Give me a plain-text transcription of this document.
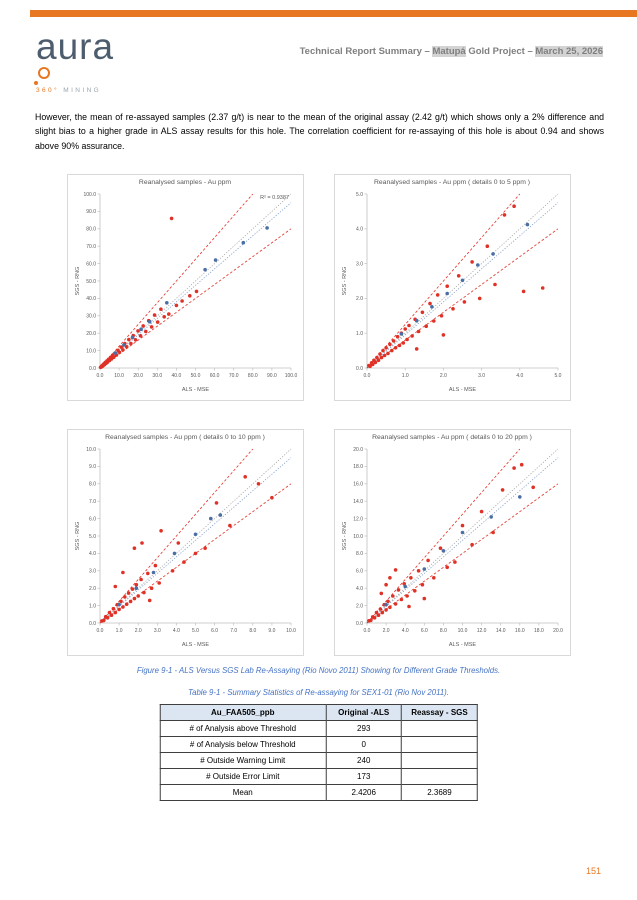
aura
360° MINING
Technical Report Summary – Matupá Gold Project – March 25, 2026
However, the mean of re-assayed samples (2.37 g/t) is near to the mean of the original assay (2.42 g/t) which shows only a 2% difference and slight bias to a higher grade in ALS assay results for this hole. The correlation coefficient for re-assaying of this hole is about 0.94 and shows above 90% assurance.
Reanalysed samples - Au ppm
0.0 10.0 20.0 30.0 40.0 50.0 60.0 70.0 80.0 90.0 100.0
0.0
10.0
20.0
30.0
40.0
50.0
60.0
70.0
80.0
90.0
100.0
R² = 0.9387
ALS - MSE
SGS - RNG
Reanalysed samples - Au ppm ( details 0 to 5 ppm )
0.0	1.0	2.0	3.0	4.0	5.0
0.0
1.0
2.0
3.0
4.0
5.0
ALS - MSE
SGS - RNG
Reanalysed samples - Au ppm ( details 0 to 10 ppm )
0.0 1.0 2.0 3.0 4.0 5.0 6.0 7.0 8.0 9.0 10.0
0.0
1.0
2.0
3.0
4.0
5.0
6.0
7.0
8.0
9.0
10.0
ALS - MSE
SGS - RNG
Reanalysed samples - Au ppm ( details 0 to 20 ppm )
0.0 2.0 4.0 6.0 8.0 10.0 12.0 14.0 16.0 18.0 20.0
0.0
2.0
4.0
6.0
8.0
10.0
12.0
14.0
16.0
18.0
20.0
ALS - MSE
SGS - RNG
Figure 9-1 - ALS Versus SGS Lab Re-Assaying (Rio Novo 2011) Showing for Different Grade Thresholds.
Table 9-1 - Summary Statistics of Re-assaying for SEX1-01 (Rio Nov 2011).
Au_FAA505_ppb	Original -ALS	Reassay - SGS
# of Analysis above Threshold	293	
# of Analysis below Threshold	0	
# Outside Warning Limit	240	
# Outside Error Limit	173	
Mean	2.4206	2.3689
151
